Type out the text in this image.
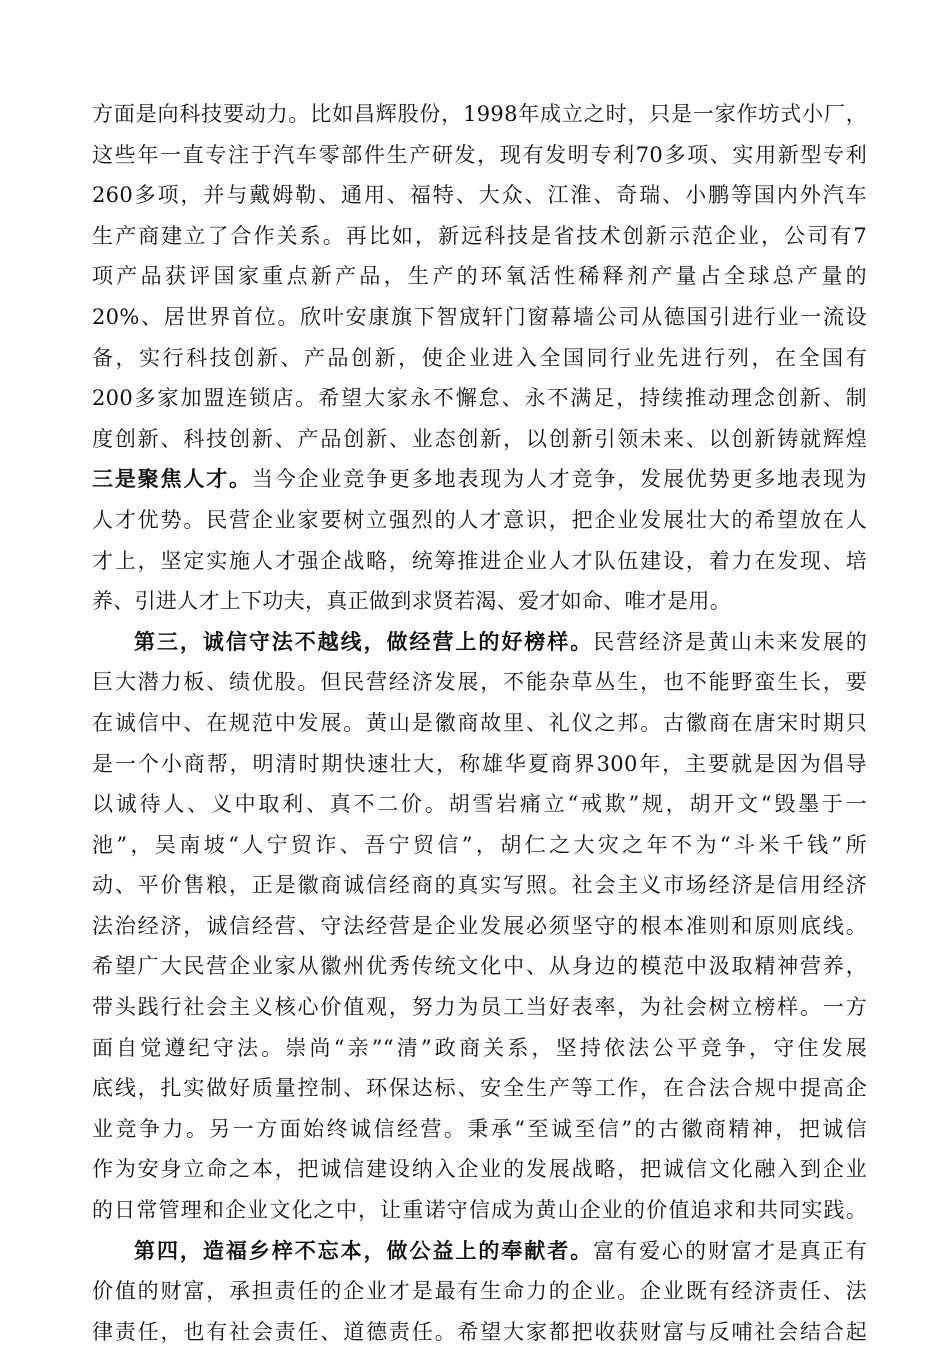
方面是向科技要动力。比如昌辉股份，1998年成立之时，只是一家作坊式小厂，
这些年一直专注于汽车零部件生产研发，现有发明专利70多项、实用新型专利
260多项，并与戴姆勒、通用、福特、大众、江淮、奇瑞、小鹏等国内外汽车
生产商建立了合作关系。再比如，新远科技是省技术创新示范企业，公司有7
项产品获评国家重点新产品，生产的环氧活性稀释剂产量占全球总产量的
20%、居世界首位。欣叶安康旗下智宬轩门窗幕墙公司从德国引进行业一流设
备，实行科技创新、产品创新，使企业进入全国同行业先进行列，在全国有
200多家加盟连锁店。希望大家永不懈怠、永不满足，持续推动理念创新、制
度创新、科技创新、产品创新、业态创新，以创新引领未来、以创新铸就辉煌
三是聚焦人才。当今企业竞争更多地表现为人才竞争，发展优势更多地表现为
人才优势。民营企业家要树立强烈的人才意识，把企业发展壮大的希望放在人
才上，坚定实施人才强企战略，统筹推进企业人才队伍建设，着力在发现、培
养、引进人才上下功夫，真正做到求贤若渴、爱才如命、唯才是用。
第三，诚信守法不越线，做经营上的好榜样。民营经济是黄山未来发展的
巨大潜力板、绩优股。但民营经济发展，不能杂草丛生，也不能野蛮生长，要
在诚信中、在规范中发展。黄山是徽商故里、礼仪之邦。古徽商在唐宋时期只
是一个小商帮，明清时期快速壮大，称雄华夏商界300年，主要就是因为倡导
以诚待人、义中取利、真不二价。胡雪岩痛立“戒欺”规，胡开文“毁墨于一
池”，吴南坡“人宁贸诈、吾宁贸信”，胡仁之大灾之年不为“斗米千钱”所
动、平价售粮，正是徽商诚信经商的真实写照。社会主义市场经济是信用经济
法治经济，诚信经营、守法经营是企业发展必须坚守的根本准则和原则底线。
希望广大民营企业家从徽州优秀传统文化中、从身边的模范中汲取精神营养，
带头践行社会主义核心价值观，努力为员工当好表率，为社会树立榜样。一方
面自觉遵纪守法。崇尚“亲”“清”政商关系，坚持依法公平竞争，守住发展
底线，扎实做好质量控制、环保达标、安全生产等工作，在合法合规中提高企
业竞争力。另一方面始终诚信经营。秉承“至诚至信”的古徽商精神，把诚信
作为安身立命之本，把诚信建设纳入企业的发展战略，把诚信文化融入到企业
的日常管理和企业文化之中，让重诺守信成为黄山企业的价值追求和共同实践。
第四，造福乡梓不忘本，做公益上的奉献者。富有爱心的财富才是真正有
价值的财富，承担责任的企业才是最有生命力的企业。企业既有经济责任、法
律责任，也有社会责任、道德责任。希望大家都把收获财富与反哺社会结合起
